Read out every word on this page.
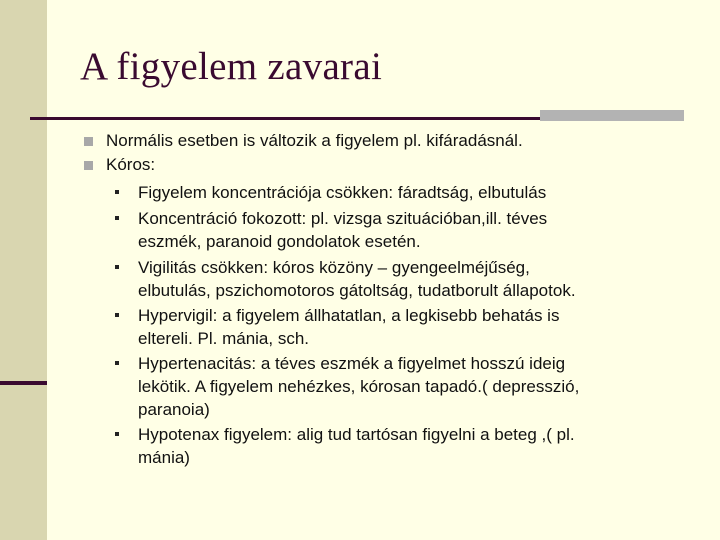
A figyelem zavarai
Normális esetben is változik a figyelem pl. kifáradásnál.
Kóros:
Figyelem koncentrációja csökken: fáradtság, elbutulás
Koncentráció fokozott: pl. vizsga szituációban,ill. téves
eszmék, paranoid gondolatok esetén.
Vigilitás csökken: kóros közöny – gyengeelméjűség,
elbutulás, pszichomotoros gátoltság, tudatborult állapotok.
Hypervigil: a figyelem állhatatlan, a legkisebb behatás is
eltereli. Pl. mánia, sch.
Hypertenacitás: a téves eszmék a figyelmet hosszú ideig
lekötik. A figyelem nehézkes, kórosan tapadó.( depresszió,
paranoia)
Hypotenax figyelem: alig tud tartósan figyelni a beteg ,( pl.
mánia)
